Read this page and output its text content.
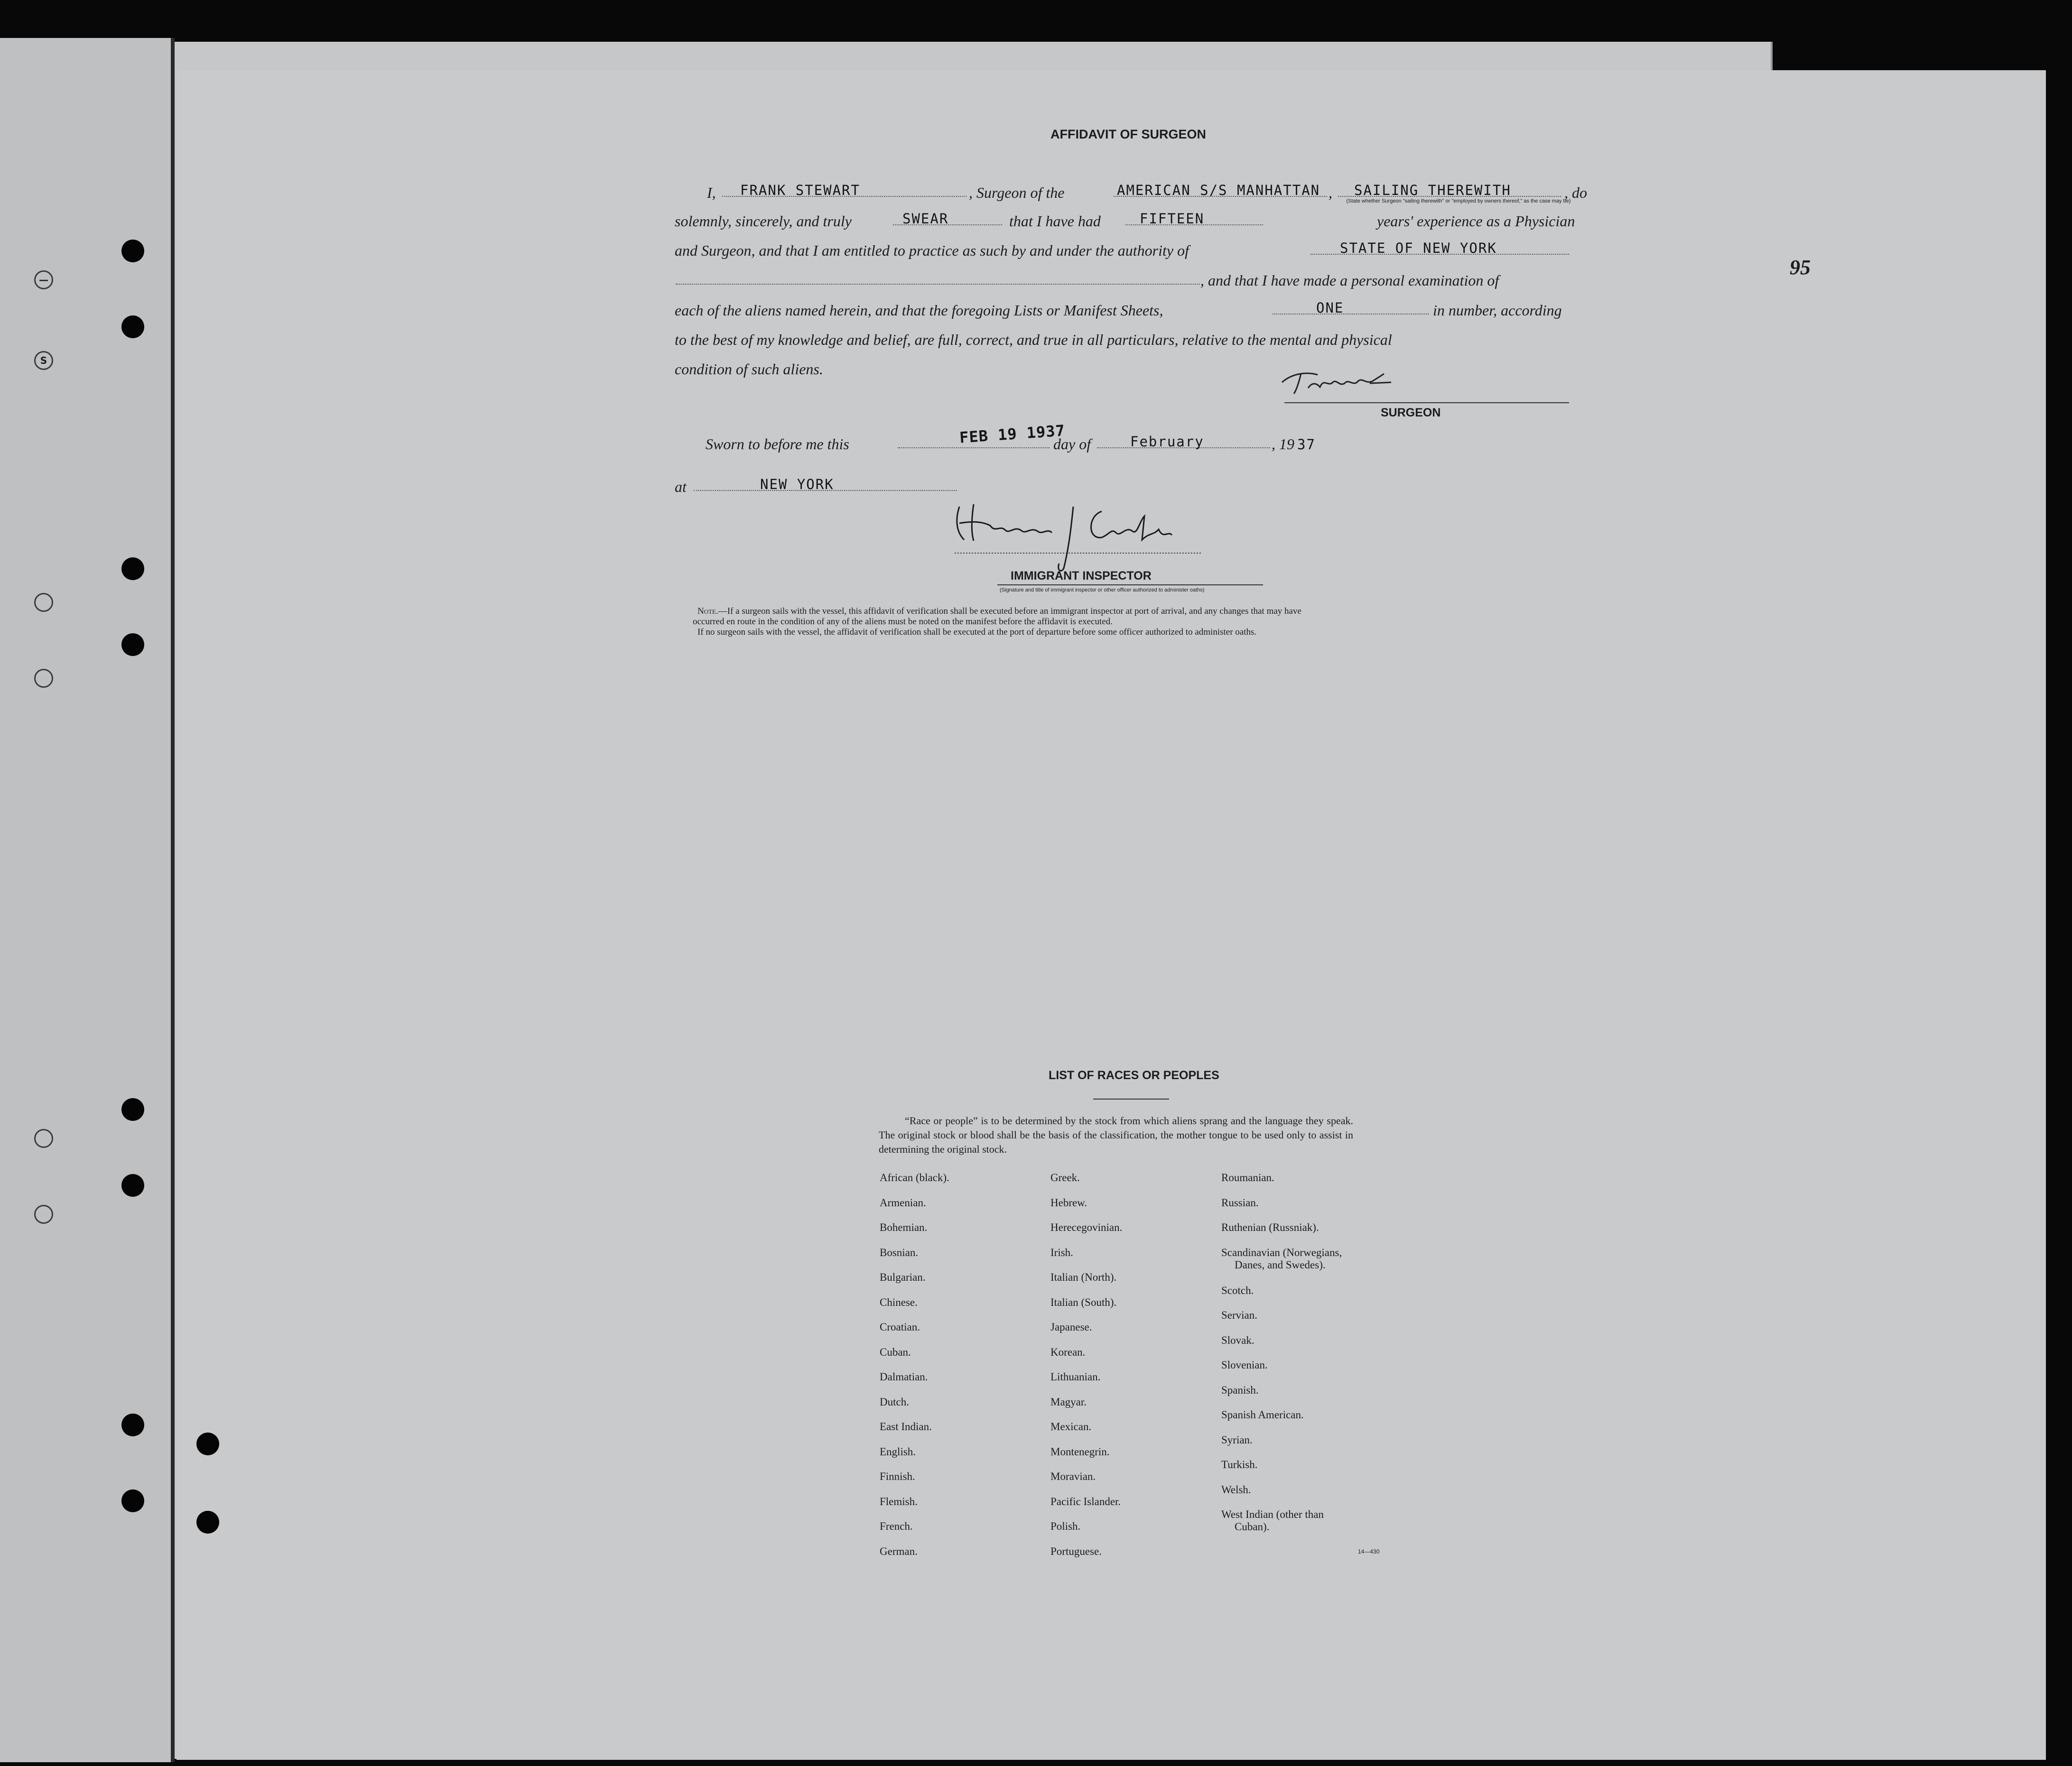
—
S
95
AFFIDAVIT OF SURGEON
I, FRANK STEWART	, Surgeon of the	AMERICAN S/S MANHATTAN , SAILING THEREWITH	, do
(State whether Surgeon "sailing therewith" or "employed by owners thereof," as the case may be)
solemnly, sincerely, and truly	SWEAR	that I have had	FIFTEEN	years' experience as a Physician
and Surgeon, and that I am entitled to practice as such by and under the authority of	STATE OF NEW YORK
, and that I have made a personal examination of
each of the aliens named herein, and that the foregoing Lists or Manifest Sheets,	ONE	in number, according
to the best of my knowledge and belief, are full, correct, and true in all particulars, relative to the mental and physical
condition of such aliens.
SURGEON
Sworn to before me this	FEB 19 1937
day of	February	, 19 37
at	NEW YORK
IMMIGRANT INSPECTOR
(Signature and title of immigrant inspector or other officer authorized to administer oaths)
Note.—If a surgeon sails with the vessel, this affidavit of verification shall be executed before an immigrant inspector at port of arrival, and any changes that may have
occurred en route in the condition of any of the aliens must be noted on the manifest before the affidavit is executed.
If no surgeon sails with the vessel, the affidavit of verification shall be executed at the port of departure before some officer authorized to administer oaths.
LIST OF RACES OR PEOPLES
“Race or people” is to be determined by the stock from which aliens sprang and the language they speak. The original stock or blood shall be the basis of the classification, the mother tongue to be used only to assist in determining the original stock.
African (black).
Armenian.
Bohemian.
Bosnian.
Bulgarian.
Chinese.
Croatian.
Cuban.
Dalmatian.
Dutch.
East Indian.
English.
Finnish.
Flemish.
French.
German.
Greek.
Hebrew.
Herecegovinian.
Irish.
Italian (North).
Italian (South).
Japanese.
Korean.
Lithuanian.
Magyar.
Mexican.
Montenegrin.
Moravian.
Pacific Islander.
Polish.
Portuguese.
Roumanian.
Russian.
Ruthenian (Russniak).
Scandinavian (Norwegians,
Danes, and Swedes).
Scotch.
Servian.
Slovak.
Slovenian.
Spanish.
Spanish American.
Syrian.
Turkish.
Welsh.
West Indian (other than
Cuban).
14—430
